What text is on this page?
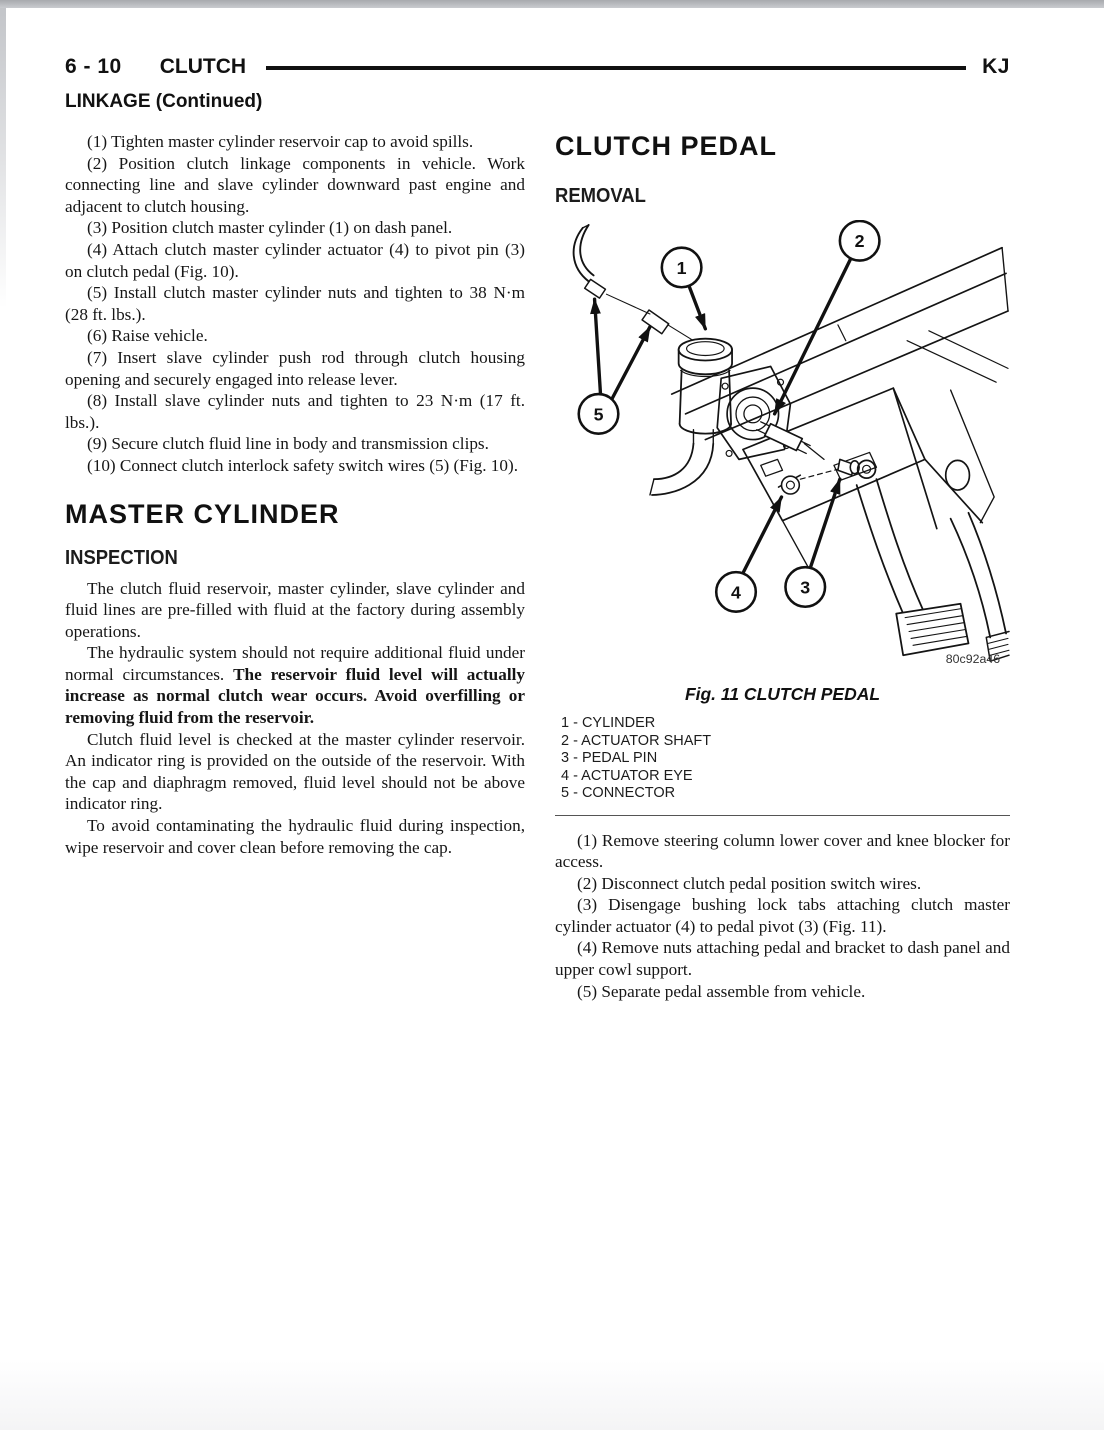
6 - 10 CLUTCH	KJ
LINKAGE (Continued)

(1) Tighten master cylinder reservoir cap to avoid spills.

(2) Position clutch linkage components in vehicle. Work connecting line and slave cylinder downward past engine and adjacent to clutch housing.

(3) Position clutch master cylinder (1) on dash panel.

(4) Attach clutch master cylinder actuator (4) to pivot pin (3) on clutch pedal (Fig. 10).

(5) Install clutch master cylinder nuts and tighten to 38 N·m (28 ft. lbs.).

(6) Raise vehicle.

(7) Insert slave cylinder push rod through clutch housing opening and securely engaged into release lever.

(8) Install slave cylinder nuts and tighten to 23 N·m (17 ft. lbs.).

(9) Secure clutch fluid line in body and transmission clips.

(10) Connect clutch interlock safety switch wires (5) (Fig. 10).

MASTER CYLINDER
INSPECTION

The clutch fluid reservoir, master cylinder, slave cylinder and fluid lines are pre-filled with fluid at the factory during assembly operations.

The hydraulic system should not require additional fluid under normal circumstances. The reservoir fluid level will actually increase as normal clutch wear occurs. Avoid overfilling or removing fluid from the reservoir.

Clutch fluid level is checked at the master cylinder reservoir. An indicator ring is provided on the outside of the reservoir. With the cap and diaphragm removed, fluid level should not be above indicator ring.

To avoid contaminating the hydraulic fluid during inspection, wipe reservoir and cover clean before removing the cap.

CLUTCH PEDAL
REMOVAL
1
2
5
4	3
80c92a46
Fig. 11 CLUTCH PEDAL
1 - CYLINDER
2 - ACTUATOR SHAFT
3 - PEDAL PIN
4 - ACTUATOR EYE
5 - CONNECTOR

(1) Remove steering column lower cover and knee blocker for access.

(2) Disconnect clutch pedal position switch wires.

(3) Disengage bushing lock tabs attaching clutch master cylinder actuator (4) to pedal pivot (3) (Fig. 11).

(4) Remove nuts attaching pedal and bracket to dash panel and upper cowl support.

(5) Separate pedal assemble from vehicle.
